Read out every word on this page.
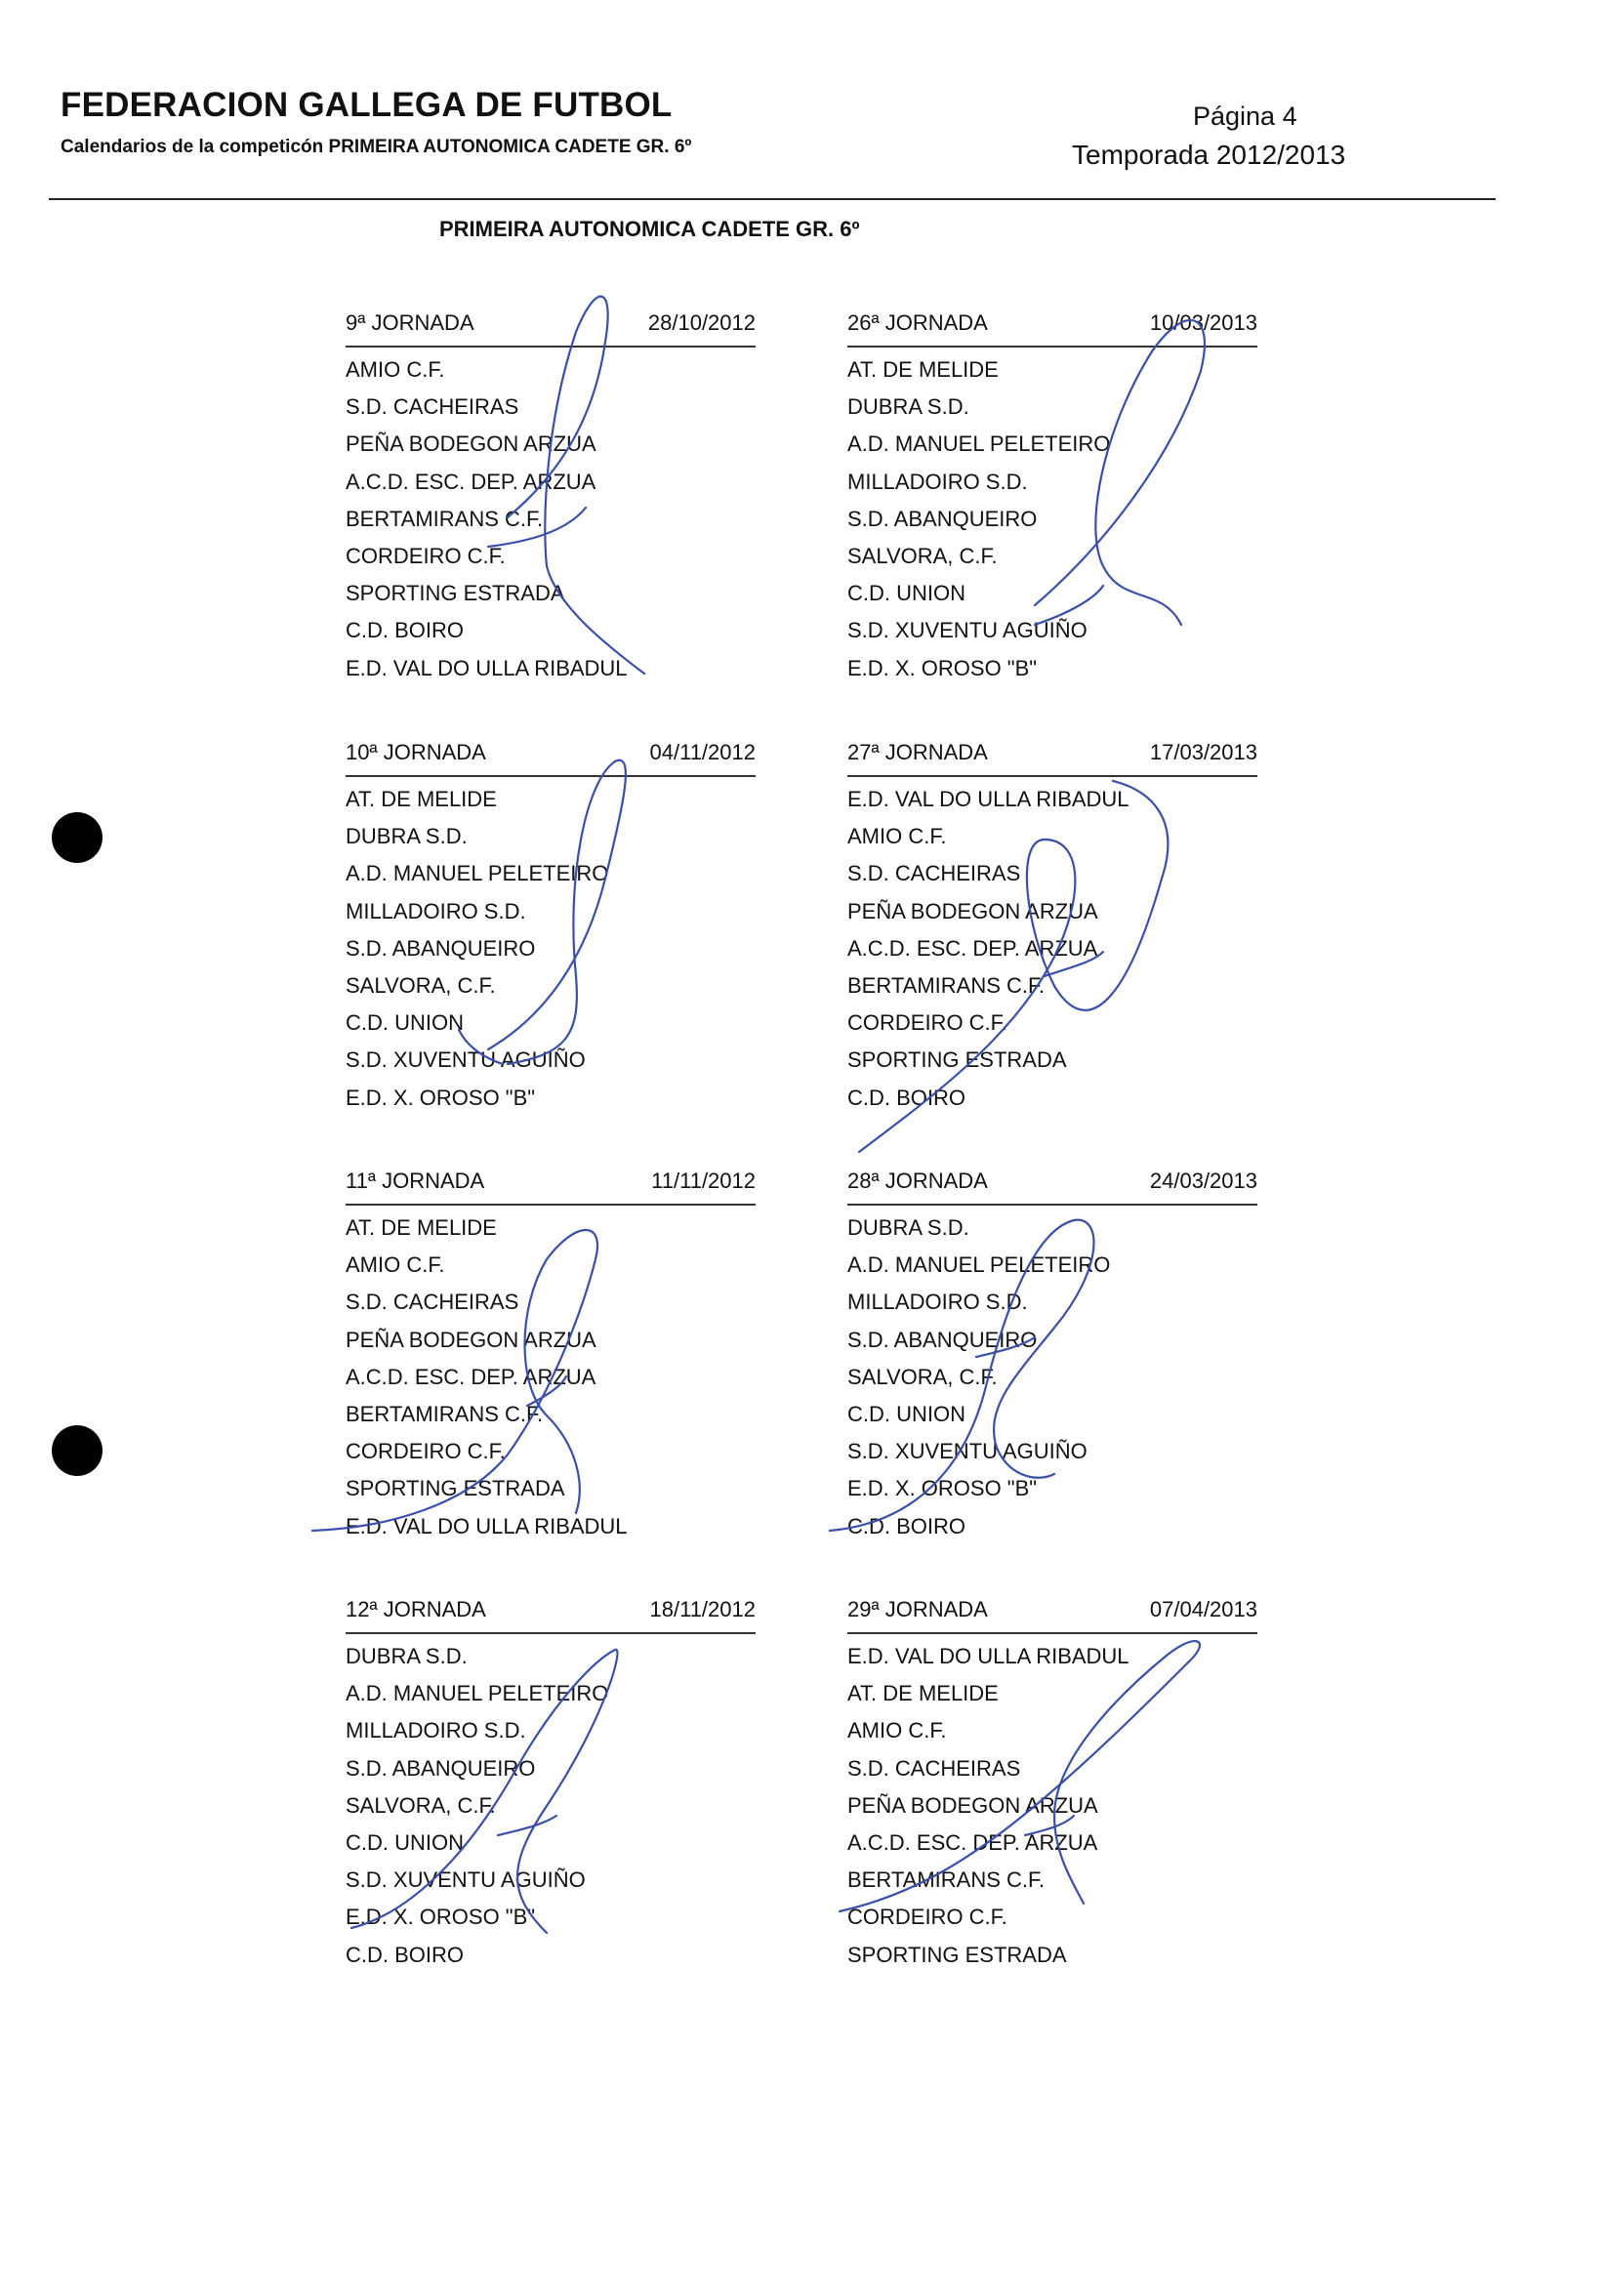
FEDERACION GALLEGA DE FUTBOL
Calendarios de la competicón PRIMEIRA AUTONOMICA CADETE GR. 6º
Página 4
Temporada 2012/2013
PRIMEIRA AUTONOMICA CADETE GR. 6º
9ª JORNADA	28/10/2012
AMIO C.F.
S.D. CACHEIRAS
PEÑA BODEGON ARZUA
A.C.D. ESC. DEP. ARZUA
BERTAMIRANS C.F.
CORDEIRO C.F.
SPORTING ESTRADA
C.D. BOIRO
E.D. VAL DO ULLA RIBADUL
26ª JORNADA	10/03/2013
AT. DE MELIDE
DUBRA S.D.
A.D. MANUEL PELETEIRO
MILLADOIRO S.D.
S.D. ABANQUEIRO
SALVORA, C.F.
C.D. UNION
S.D. XUVENTU AGUIÑO
E.D. X. OROSO "B"
10ª JORNADA	04/11/2012
AT. DE MELIDE
DUBRA S.D.
A.D. MANUEL PELETEIRO
MILLADOIRO S.D.
S.D. ABANQUEIRO
SALVORA, C.F.
C.D. UNION
S.D. XUVENTU AGUIÑO
E.D. X. OROSO "B"
27ª JORNADA	17/03/2013
E.D. VAL DO ULLA RIBADUL
AMIO C.F.
S.D. CACHEIRAS
PEÑA BODEGON ARZUA
A.C.D. ESC. DEP. ARZUA
BERTAMIRANS C.F.
CORDEIRO C.F.
SPORTING ESTRADA
C.D. BOIRO
11ª JORNADA	11/11/2012
AT. DE MELIDE
AMIO C.F.
S.D. CACHEIRAS
PEÑA BODEGON ARZUA
A.C.D. ESC. DEP. ARZUA
BERTAMIRANS C.F.
CORDEIRO C.F.
SPORTING ESTRADA
E.D. VAL DO ULLA RIBADUL
28ª JORNADA	24/03/2013
DUBRA S.D.
A.D. MANUEL PELETEIRO
MILLADOIRO S.D.
S.D. ABANQUEIRO
SALVORA, C.F.
C.D. UNION
S.D. XUVENTU AGUIÑO
E.D. X. OROSO "B"
C.D. BOIRO
12ª JORNADA	18/11/2012
DUBRA S.D.
A.D. MANUEL PELETEIRO
MILLADOIRO S.D.
S.D. ABANQUEIRO
SALVORA, C.F.
C.D. UNION
S.D. XUVENTU AGUIÑO
E.D. X. OROSO "B"
C.D. BOIRO
29ª JORNADA	07/04/2013
E.D. VAL DO ULLA RIBADUL
AT. DE MELIDE
AMIO C.F.
S.D. CACHEIRAS
PEÑA BODEGON ARZUA
A.C.D. ESC. DEP. ARZUA
BERTAMIRANS C.F.
CORDEIRO C.F.
SPORTING ESTRADA
